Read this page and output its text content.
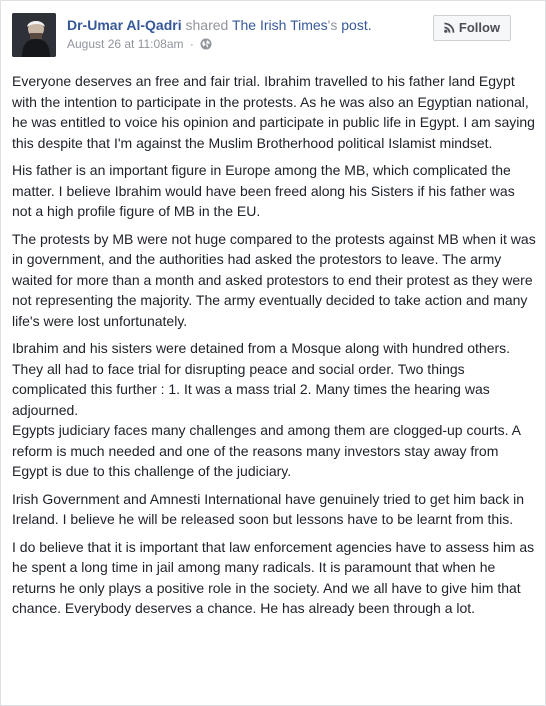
Dr-Umar Al-Qadri shared The Irish Times's post.
August 26 at 11:08am ·
Follow

Everyone deserves an free and fair trial. Ibrahim travelled to his father land Egypt with the intention to participate in the protests. As he was also an Egyptian national, he was entitled to voice his opinion and participate in public life in Egypt. I am saying this despite that I'm against the Muslim Brotherhood political Islamist mindset.

His father is an important figure in Europe among the MB, which complicated the matter. I believe Ibrahim would have been freed along his Sisters if his father was not a high profile figure of MB in the EU.

The protests by MB were not huge compared to the protests against MB when it was in government, and the authorities had asked the protestors to leave. The army waited for more than a month and asked protestors to end their protest as they were not representing the majority. The army eventually decided to take action and many life's were lost unfortunately.

Ibrahim and his sisters were detained from a Mosque along with hundred others. They all had to face trial for disrupting peace and social order. Two things complicated this further : 1. It was a mass trial 2. Many times the hearing was adjourned.
Egypts judiciary faces many challenges and among them are clogged-up courts. A reform is much needed and one of the reasons many investors stay away from Egypt is due to this challenge of the judiciary.

Irish Government and Amnesti International have genuinely tried to get him back in Ireland. I believe he will be released soon but lessons have to be learnt from this.

I do believe that it is important that law enforcement agencies have to assess him as he spent a long time in jail among many radicals. It is paramount that when he returns he only plays a positive role in the society. And we all have to give him that chance. Everybody deserves a chance. He has already been through a lot.
